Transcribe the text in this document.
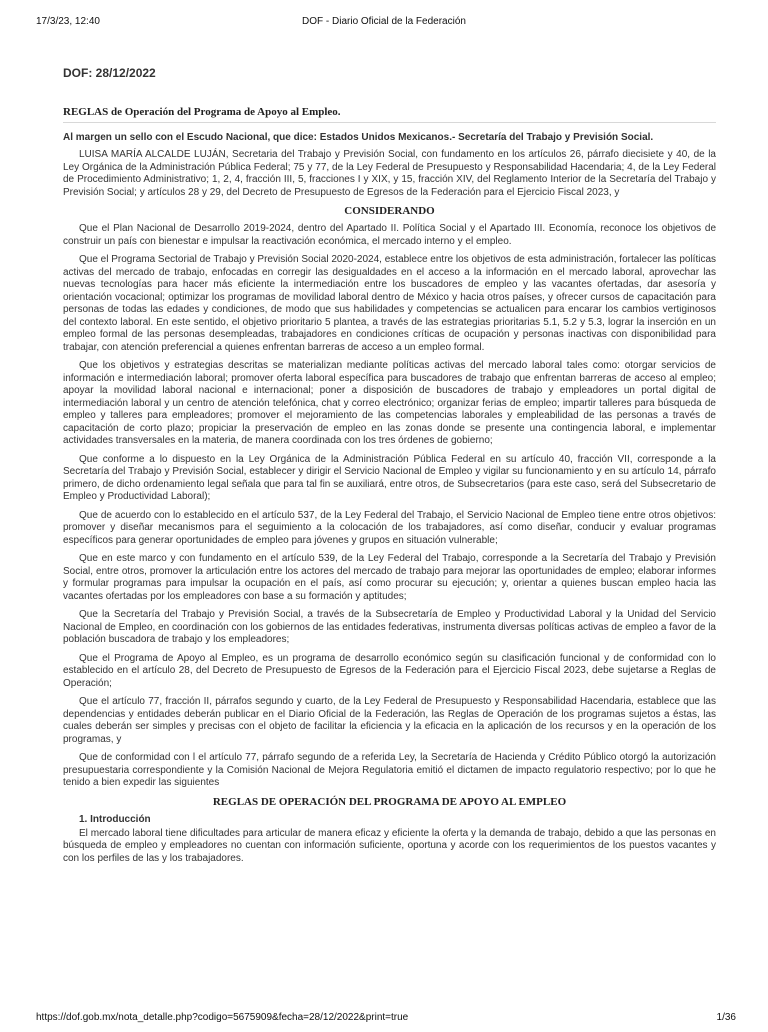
17/3/23, 12:40	DOF - Diario Oficial de la Federación
DOF: 28/12/2022
REGLAS de Operación del Programa de Apoyo al Empleo.
Al margen un sello con el Escudo Nacional, que dice: Estados Unidos Mexicanos.- Secretaría del Trabajo y Previsión Social.

LUISA MARÍA ALCALDE LUJÁN, Secretaria del Trabajo y Previsión Social, con fundamento en los artículos 26, párrafo diecisiete y 40, de la Ley Orgánica de la Administración Pública Federal; 75 y 77, de la Ley Federal de Presupuesto y Responsabilidad Hacendaria; 4, de la Ley Federal de Procedimiento Administrativo; 1, 2, 4, fracción III, 5, fracciones I y XIX, y 15, fracción XIV, del Reglamento Interior de la Secretaría del Trabajo y Previsión Social; y artículos 28 y 29, del Decreto de Presupuesto de Egresos de la Federación para el Ejercicio Fiscal 2023, y

CONSIDERANDO

Que el Plan Nacional de Desarrollo 2019-2024, dentro del Apartado II. Política Social y el Apartado III. Economía, reconoce los objetivos de construir un país con bienestar e impulsar la reactivación económica, el mercado interno y el empleo.

Que el Programa Sectorial de Trabajo y Previsión Social 2020-2024, establece entre los objetivos de esta administración, fortalecer las políticas activas del mercado de trabajo, enfocadas en corregir las desigualdades en el acceso a la información en el mercado laboral, aprovechar las nuevas tecnologías para hacer más eficiente la intermediación entre los buscadores de empleo y las vacantes ofertadas, dar asesoría y orientación vocacional; optimizar los programas de movilidad laboral dentro de México y hacia otros países, y ofrecer cursos de capacitación para personas de todas las edades y condiciones, de modo que sus habilidades y competencias se actualicen para encarar los cambios vertiginosos del contexto laboral. En este sentido, el objetivo prioritario 5 plantea, a través de las estrategias prioritarias 5.1, 5.2 y 5.3, lograr la inserción en un empleo formal de las personas desempleadas, trabajadores en condiciones críticas de ocupación y personas inactivas con disponibilidad para trabajar, con atención preferencial a quienes enfrentan barreras de acceso a un empleo formal.

Que los objetivos y estrategias descritas se materializan mediante políticas activas del mercado laboral tales como: otorgar servicios de información e intermediación laboral; promover oferta laboral específica para buscadores de trabajo que enfrentan barreras de acceso al empleo; apoyar la movilidad laboral nacional e internacional; poner a disposición de buscadores de trabajo y empleadores un portal digital de intermediación laboral y un centro de atención telefónica, chat y correo electrónico; organizar ferias de empleo; impartir talleres para búsqueda de empleo y talleres para empleadores; promover el mejoramiento de las competencias laborales y empleabilidad de las personas a través de capacitación de corto plazo; propiciar la preservación de empleo en las zonas donde se presente una contingencia laboral, e implementar actividades transversales en la materia, de manera coordinada con los tres órdenes de gobierno;

Que conforme a lo dispuesto en la Ley Orgánica de la Administración Pública Federal en su artículo 40, fracción VII, corresponde a la Secretaría del Trabajo y Previsión Social, establecer y dirigir el Servicio Nacional de Empleo y vigilar su funcionamiento y en su artículo 14, párrafo primero, de dicho ordenamiento legal señala que para tal fin se auxiliará, entre otros, de Subsecretarios (para este caso, será del Subsecretario de Empleo y Productividad Laboral);

Que de acuerdo con lo establecido en el artículo 537, de la Ley Federal del Trabajo, el Servicio Nacional de Empleo tiene entre otros objetivos: promover y diseñar mecanismos para el seguimiento a la colocación de los trabajadores, así como diseñar, conducir y evaluar programas específicos para generar oportunidades de empleo para jóvenes y grupos en situación vulnerable;

Que en este marco y con fundamento en el artículo 539, de la Ley Federal del Trabajo, corresponde a la Secretaría del Trabajo y Previsión Social, entre otros, promover la articulación entre los actores del mercado de trabajo para mejorar las oportunidades de empleo; elaborar informes y formular programas para impulsar la ocupación en el país, así como procurar su ejecución; y, orientar a quienes buscan empleo hacia las vacantes ofertadas por los empleadores con base a su formación y aptitudes;

Que la Secretaría del Trabajo y Previsión Social, a través de la Subsecretaría de Empleo y Productividad Laboral y la Unidad del Servicio Nacional de Empleo, en coordinación con los gobiernos de las entidades federativas, instrumenta diversas políticas activas de empleo a favor de la población buscadora de trabajo y los empleadores;

Que el Programa de Apoyo al Empleo, es un programa de desarrollo económico según su clasificación funcional y de conformidad con lo establecido en el artículo 28, del Decreto de Presupuesto de Egresos de la Federación para el Ejercicio Fiscal 2023, debe sujetarse a Reglas de Operación;

Que el artículo 77, fracción II, párrafos segundo y cuarto, de la Ley Federal de Presupuesto y Responsabilidad Hacendaria, establece que las dependencias y entidades deberán publicar en el Diario Oficial de la Federación, las Reglas de Operación de los programas sujetos a éstas, las cuales deberán ser simples y precisas con el objeto de facilitar la eficiencia y la eficacia en la aplicación de los recursos y en la operación de los programas, y

Que de conformidad con l el artículo 77, párrafo segundo de a referida Ley, la Secretaría de Hacienda y Crédito Público otorgó la autorización presupuestaria correspondiente y la Comisión Nacional de Mejora Regulatoria emitió el dictamen de impacto regulatorio respectivo; por lo que he tenido a bien expedir las siguientes

REGLAS DE OPERACIÓN DEL PROGRAMA DE APOYO AL EMPLEO
1. Introducción

El mercado laboral tiene dificultades para articular de manera eficaz y eficiente la oferta y la demanda de trabajo, debido a que las personas en búsqueda de empleo y empleadores no cuentan con información suficiente, oportuna y acorde con los requerimientos de los puestos vacantes y con los perfiles de las y los trabajadores.

https://dof.gob.mx/nota_detalle.php?codigo=5675909&fecha=28/12/2022&print=true	1/36
